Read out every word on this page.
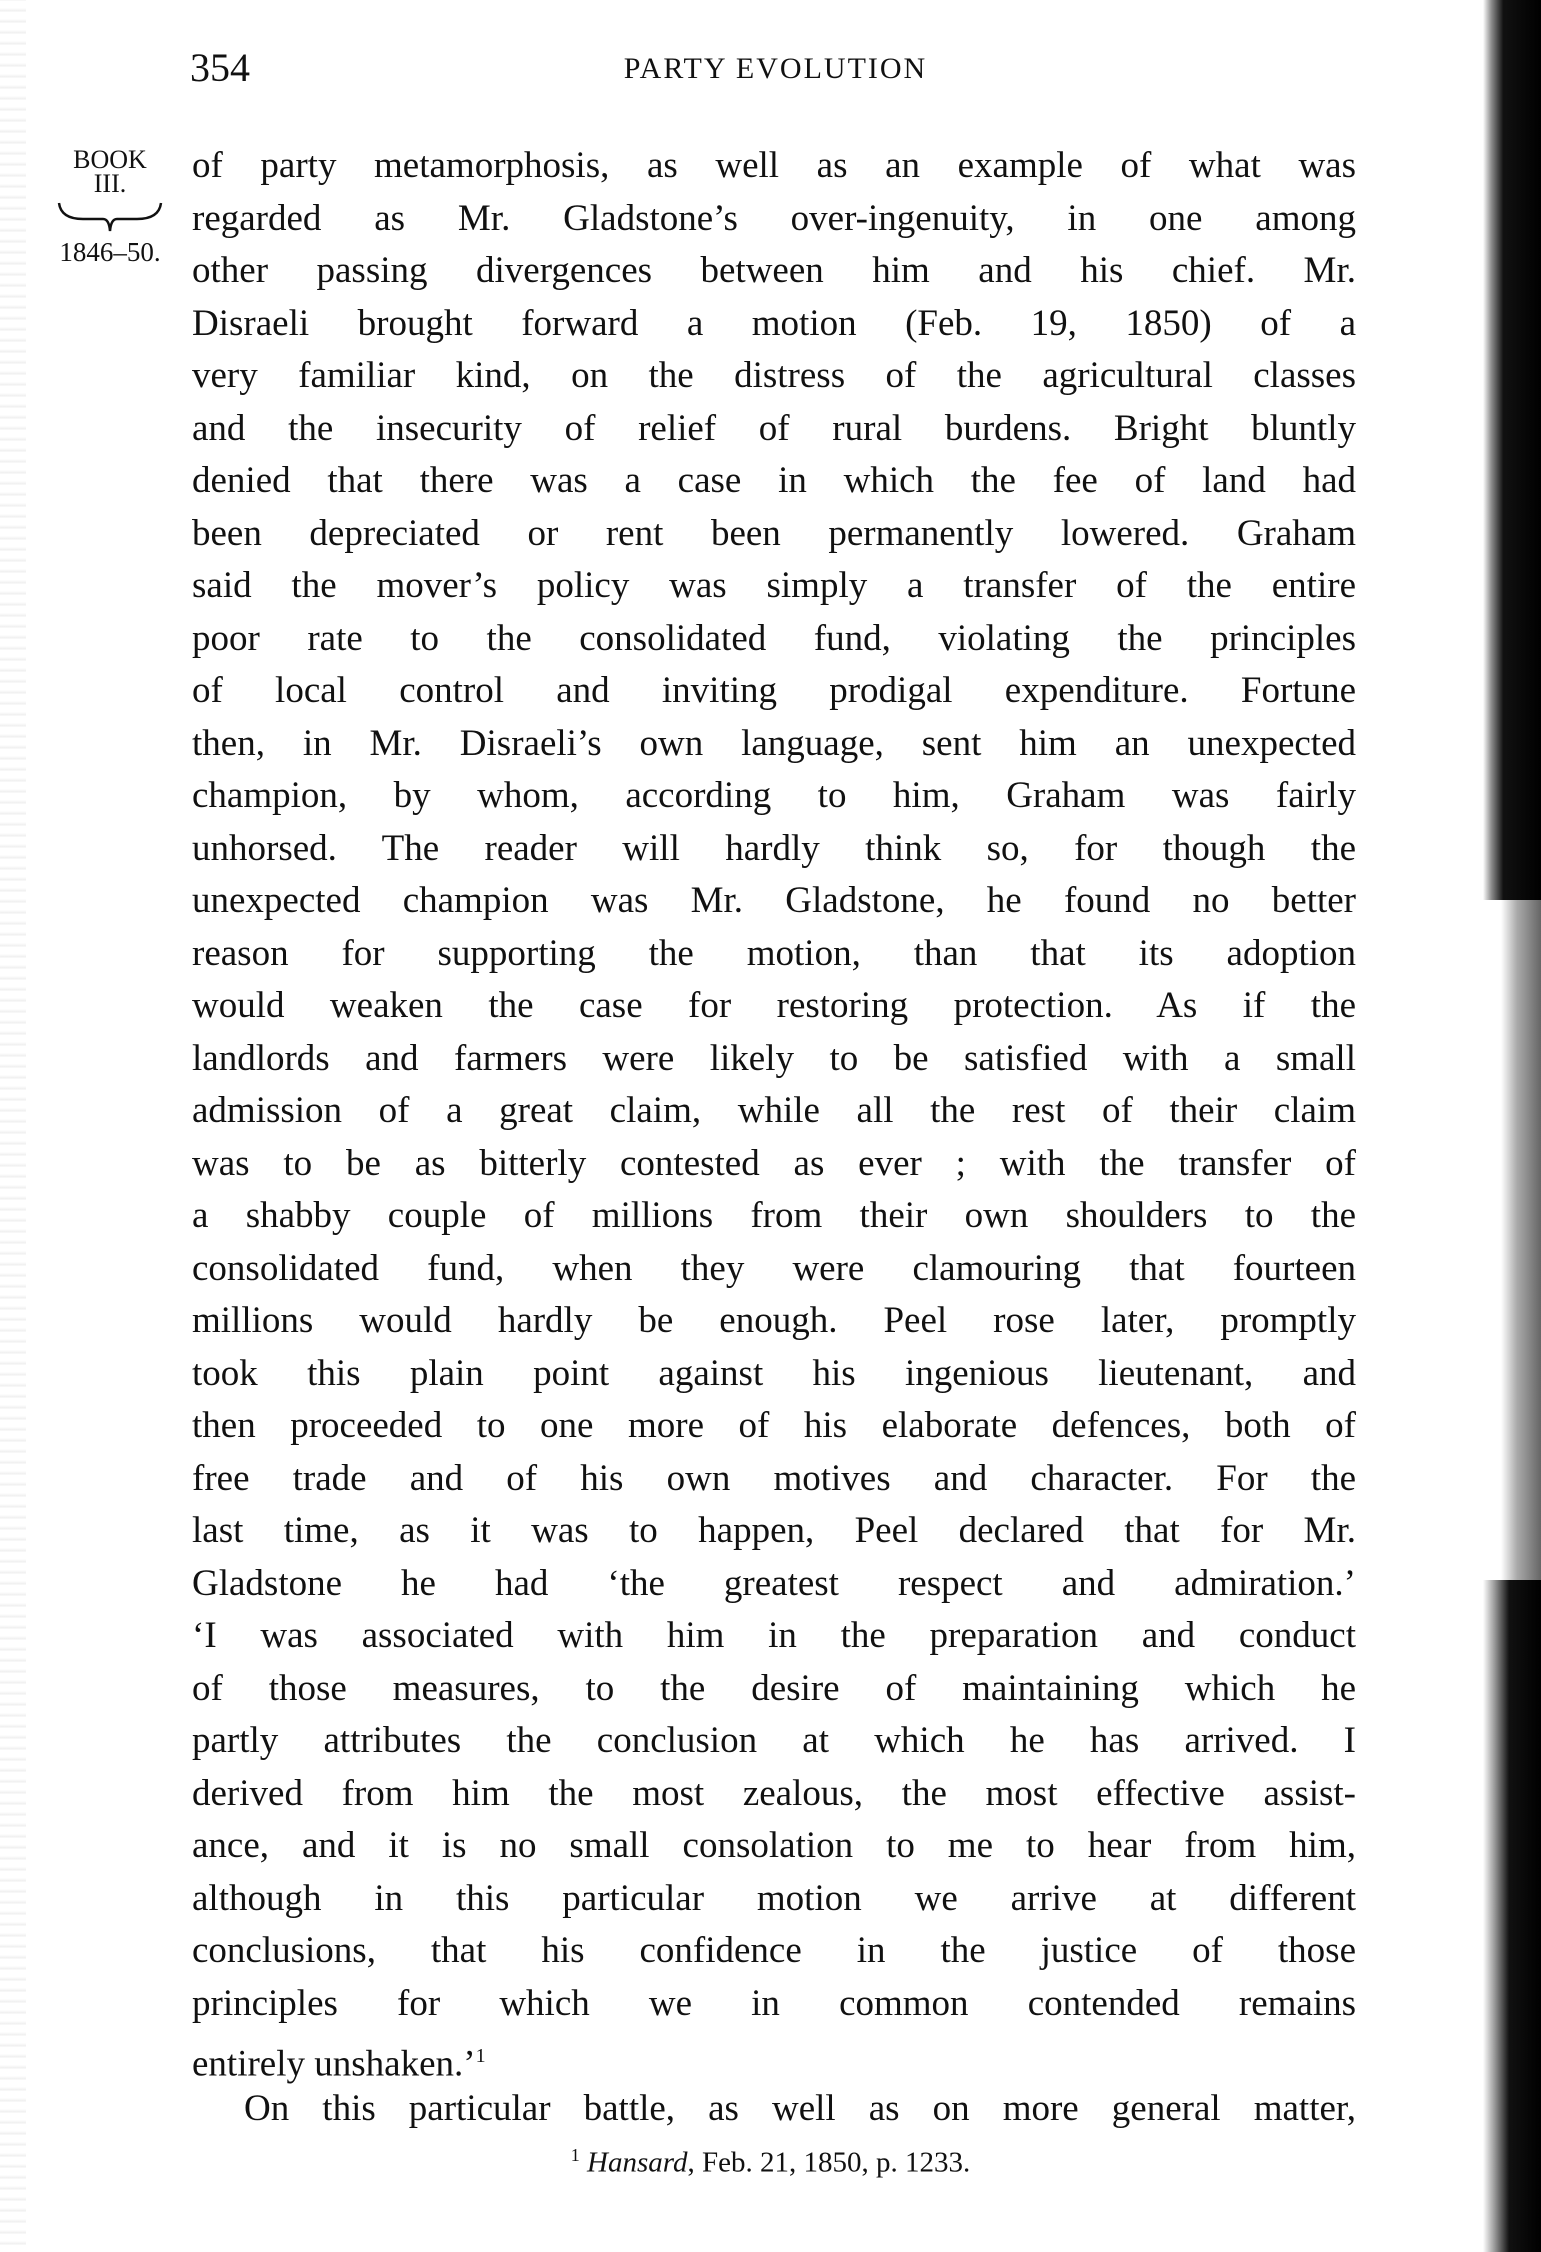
354	PARTY EVOLUTION
BOOK
III.
1846–50.
of party metamorphosis, as well as an example of what was
regarded as Mr. Gladstone’s over-ingenuity, in one among
other passing divergences between him and his chief. Mr.
Disraeli brought forward a motion (Feb. 19, 1850) of a
very familiar kind, on the distress of the agricultural classes
and the insecurity of relief of rural burdens. Bright bluntly
denied that there was a case in which the fee of land had
been depreciated or rent been permanently lowered. Graham
said the mover’s policy was simply a transfer of the entire
poor rate to the consolidated fund, violating the principles
of local control and inviting prodigal expenditure. Fortune
then, in Mr. Disraeli’s own language, sent him an unexpected
champion, by whom, according to him, Graham was fairly
unhorsed. The reader will hardly think so, for though the
unexpected champion was Mr. Gladstone, he found no better
reason for supporting the motion, than that its adoption
would weaken the case for restoring protection. As if the
landlords and farmers were likely to be satisfied with a small
admission of a great claim, while all the rest of their claim
was to be as bitterly contested as ever ; with the transfer of
a shabby couple of millions from their own shoulders to the
consolidated fund, when they were clamouring that fourteen
millions would hardly be enough. Peel rose later, promptly
took this plain point against his ingenious lieutenant, and
then proceeded to one more of his elaborate defences, both of
free trade and of his own motives and character. For the
last time, as it was to happen, Peel declared that for Mr.
Gladstone he had ‘the greatest respect and admiration.’
‘I was associated with him in the preparation and conduct
of those measures, to the desire of maintaining which he
partly attributes the conclusion at which he has arrived. I
derived from him the most zealous, the most effective assist-
ance, and it is no small consolation to me to hear from him,
although in this particular motion we arrive at different
conclusions, that his confidence in the justice of those
principles for which we in common contended remains
entirely unshaken.’$^1$
On this particular battle, as well as on more general matter,
$^1$ Hansard, Feb. 21, 1850, p. 1233.
